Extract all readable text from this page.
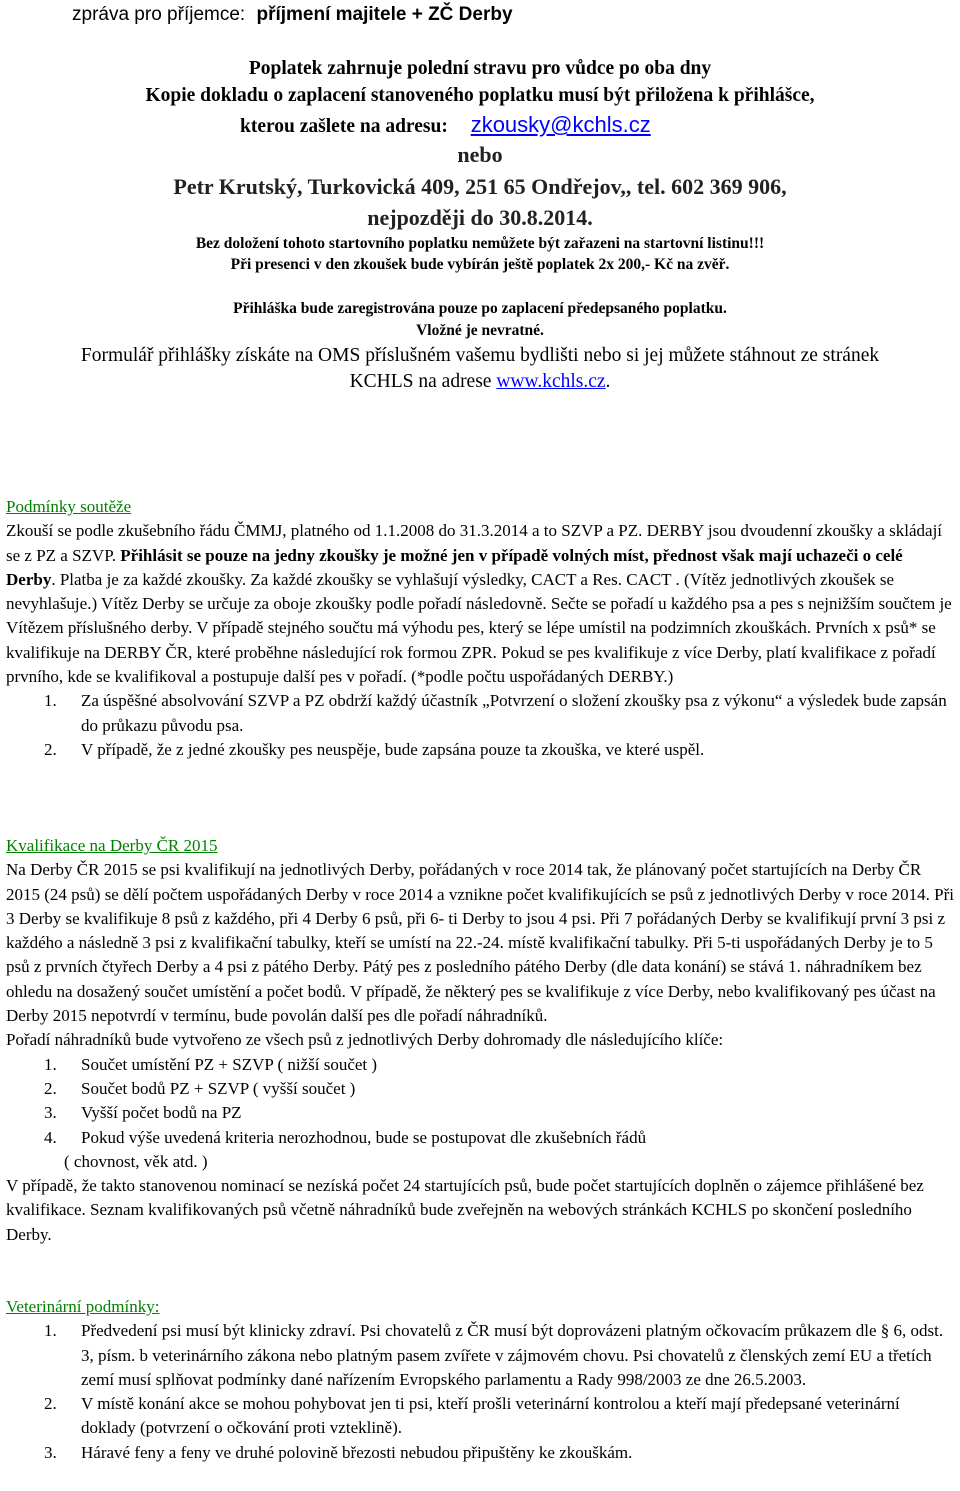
zpráva pro příjemce: příjmení majitele + ZČ Derby
Poplatek zahrnuje polední stravu pro vůdce po oba dny
Kopie dokladu o zaplacení stanoveného poplatku musí být přiložena k přihlášce,
kterou zašlete na adresu: zkousky@kchls.cz
nebo
Petr Krutský, Turkovická 409, 251 65 Ondřejov,, tel. 602 369 906,
nejpozději do 30.8.2014.
Bez doložení tohoto startovního poplatku nemůžete být zařazeni na startovní listinu!!!
Při presenci v den zkoušek bude vybírán ještě poplatek 2x 200,- Kč na zvěř.
Přihláška bude zaregistrována pouze po zaplacení předepsaného poplatku.
Vložné je nevratné.
Formulář přihlášky získáte na OMS příslušném vašemu bydlišti nebo si jej můžete stáhnout ze stránek
KCHLS na adrese www.kchls.cz.
Podmínky soutěže

Zkouší se podle zkušebního řádu ČMMJ, platného od 1.1.2008 do 31.3.2014 a to SZVP a PZ. DERBY jsou dvoudenní zkoušky a skládají se z PZ a SZVP. Přihlásit se pouze na jedny zkoušky je možné jen v případě volných míst, přednost však mají uchazeči o celé Derby. Platba je za každé zkoušky. Za každé zkoušky se vyhlašují výsledky, CACT a Res. CACT . (Vítěz jednotlivých zkoušek se nevyhlašuje.) Vítěz Derby se určuje za oboje zkoušky podle pořadí následovně. Sečte se pořadí u každého psa a pes s nejnižším součtem je Vítězem příslušného derby. V případě stejného součtu má výhodu pes, který se lépe umístil na podzimních zkouškách. Prvních x psů* se kvalifikuje na DERBY ČR, které proběhne následující rok formou ZPR. Pokud se pes kvalifikuje z více Derby, platí kvalifikace z pořadí prvního, kde se kvalifikoval a postupuje další pes v pořadí. (*podle počtu uspořádaných DERBY.)

1. Za úspěšné absolvování SZVP a PZ obdrží každý účastník „Potvrzení o složení zkoušky psa z výkonu“ a výsledek bude zapsán do průkazu původu psa.
2. V případě, že z jedné zkoušky pes neuspěje, bude zapsána pouze ta zkouška, ve které uspěl.
Kvalifikace na Derby ČR 2015

Na Derby ČR 2015 se psi kvalifikují na jednotlivých Derby, pořádaných v roce 2014 tak, že plánovaný počet startujících na Derby ČR 2015 (24 psů) se dělí počtem uspořádaných Derby v roce 2014 a vznikne počet kvalifikujících se psů z jednotlivých Derby v roce 2014. Při 3 Derby se kvalifikuje 8 psů z každého, při 4 Derby 6 psů, při 6- ti Derby to jsou 4 psi. Při 7 pořádaných Derby se kvalifikují první 3 psi z každého a následně 3 psi z kvalifikační tabulky, kteří se umístí na 22.-24. místě kvalifikační tabulky. Při 5-ti uspořádaných Derby je to 5 psů z prvních čtyřech Derby a 4 psi z pátého Derby. Pátý pes z posledního pátého Derby (dle data konání) se stává 1. náhradníkem bez ohledu na dosažený součet umístění a počet bodů. V případě, že některý pes se kvalifikuje z více Derby, nebo kvalifikovaný pes účast na Derby 2015 nepotvrdí v termínu, bude povolán další pes dle pořadí náhradníků.

Pořadí náhradníků bude vytvořeno ze všech psů z jednotlivých Derby dohromady dle následujícího klíče:

1. Součet umístění PZ + SZVP ( nižší součet )
2. Součet bodů PZ + SZVP ( vyšší součet )
3. Vyšší počet bodů na PZ
4. Pokud výše uvedená kriteria nerozhodnou, bude se postupovat dle zkušebních řádů
( chovnost, věk atd. )

V případě, že takto stanovenou nominací se nezíská počet 24 startujících psů, bude počet startujících doplněn o zájemce přihlášené bez kvalifikace. Seznam kvalifikovaných psů včetně náhradníků bude zveřejněn na webových stránkách KCHLS po skončení posledního Derby.

Veterinární podmínky:
1. Předvedení psi musí být klinicky zdraví. Psi chovatelů z ČR musí být doprovázeni platným očkovacím průkazem dle § 6, odst. 3, písm. b veterinárního zákona nebo platným pasem zvířete v zájmovém chovu. Psi chovatelů z členských zemí EU a třetích zemí musí splňovat podmínky dané nařízením Evropského parlamentu a Rady 998/2003 ze dne 26.5.2003.
2. V místě konání akce se mohou pohybovat jen ti psi, kteří prošli veterinární kontrolou a kteří mají předepsané veterinární doklady (potvrzení o očkování proti vzteklině).
3. Háravé feny a feny ve druhé polovině březosti nebudou připuštěny ke zkouškám.
